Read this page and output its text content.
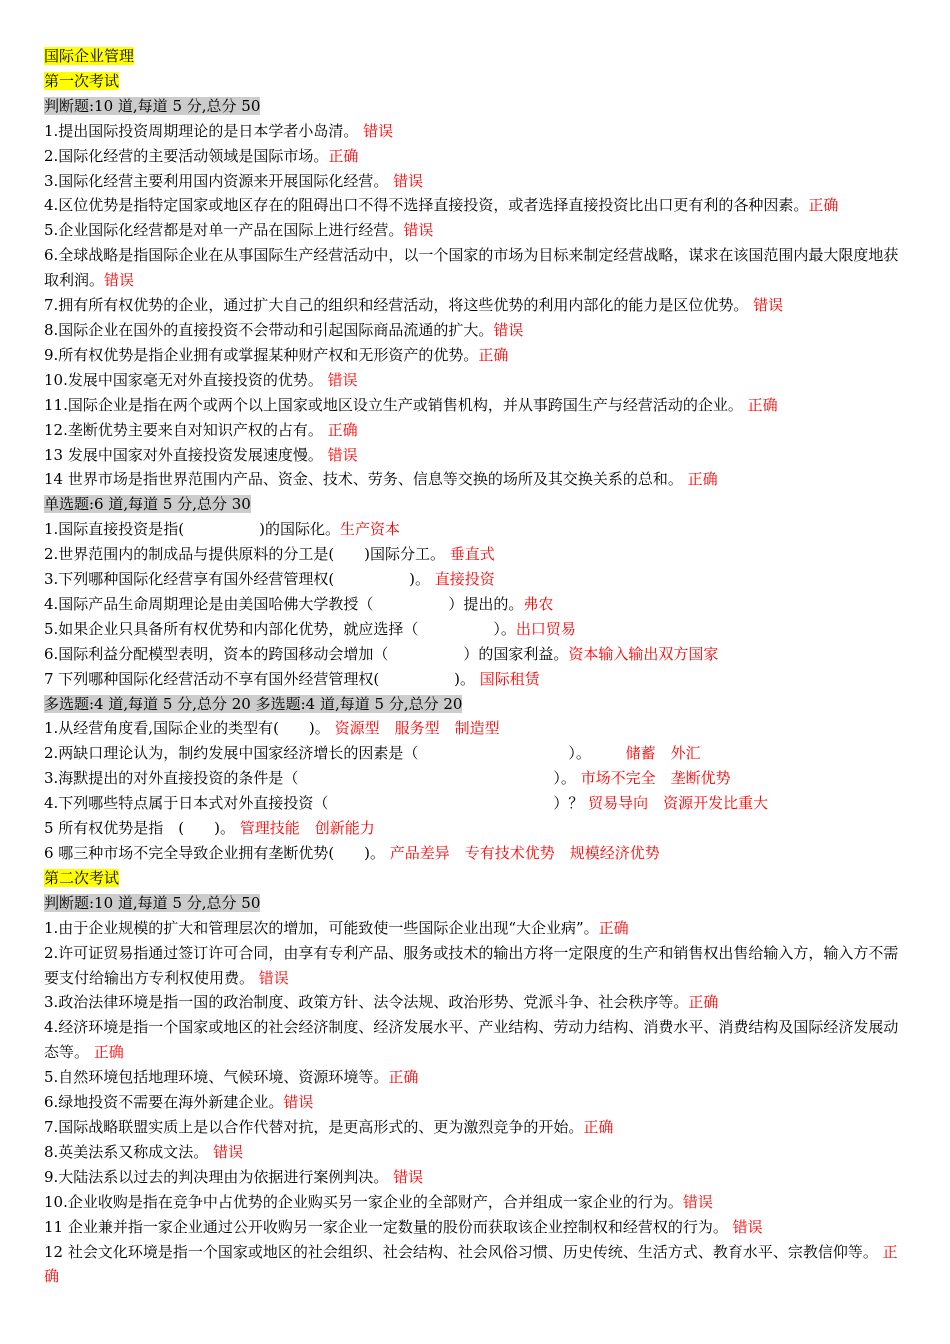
国际企业管理
第一次考试
判断题:10 道,每道 5 分,总分 50
1.提出国际投资周期理论的是日本学者小岛清。 错误
2.国际化经营的主要活动领域是国际市场。正确
3.国际化经营主要利用国内资源来开展国际化经营。 错误
4.区位优势是指特定国家或地区存在的阻碍出口不得不选择直接投资，或者选择直接投资比出口更有利的各种因素。正确
5.企业国际化经营都是对单一产品在国际上进行经营。错误
6.全球战略是指国际企业在从事国际生产经营活动中，以一个国家的市场为目标来制定经营战略，谋求在该国范围内最大限度地获取利润。错误
7.拥有所有权优势的企业，通过扩大自己的组织和经营活动，将这些优势的利用内部化的能力是区位优势。 错误
8.国际企业在国外的直接投资不会带动和引起国际商品流通的扩大。错误
9.所有权优势是指企业拥有或掌握某种财产权和无形资产的优势。正确
10.发展中国家毫无对外直接投资的优势。 错误
11.国际企业是指在两个或两个以上国家或地区设立生产或销售机构，并从事跨国生产与经营活动的企业。 正确
12.垄断优势主要来自对知识产权的占有。 正确
13 发展中国家对外直接投资发展速度慢。 错误
14 世界市场是指世界范围内产品、资金、技术、劳务、信息等交换的场所及其交换关系的总和。 正确
单选题:6 道,每道 5 分,总分 30
1.国际直接投资是指(　　　　　)的国际化。生产资本
2.世界范围内的制成品与提供原料的分工是(　　)国际分工。 垂直式
3.下列哪种国际化经营享有国外经营管理权(　　　　　)。 直接投资
4.国际产品生命周期理论是由美国哈佛大学教授（　　　　　）提出的。弗农
5.如果企业只具备所有权优势和内部化优势，就应选择（　　　　　）。出口贸易
6.国际利益分配模型表明，资本的跨国移动会增加（　　　　　）的国家利益。资本输入输出双方国家
7 下列哪种国际化经营活动不享有国外经营管理权(　　　　　)。 国际租赁
多选题:4 道,每道 5 分,总分 20 多选题:4 道,每道 5 分,总分 20
1.从经营角度看,国际企业的类型有(　　)。 资源型　服务型　制造型
2.两缺口理论认为，制约发展中国家经济增长的因素是（　　　　　　　　　　）。 　　储蓄　外汇
3.海默提出的对外直接投资的条件是（　　　　　　　　　　　　　　　　　）。 市场不完全　垄断优势
4.下列哪些特点属于日本式对外直接投资（　　　　　　　　　　　　　　　）？ 贸易导向　资源开发比重大
5 所有权优势是指　(　　)。 管理技能　创新能力
6 哪三种市场不完全导致企业拥有垄断优势(　　)。 产品差异　专有技术优势　规模经济优势
第二次考试
判断题:10 道,每道 5 分,总分 50
1.由于企业规模的扩大和管理层次的增加，可能致使一些国际企业出现“大企业病”。正确
2.许可证贸易指通过签订许可合同，由享有专利产品、服务或技术的输出方将一定限度的生产和销售权出售给输入方，输入方不需要支付给输出方专利权使用费。 错误
3.政治法律环境是指一国的政治制度、政策方针、法令法规、政治形势、党派斗争、社会秩序等。正确
4.经济环境是指一个国家或地区的社会经济制度、经济发展水平、产业结构、劳动力结构、消费水平、消费结构及国际经济发展动态等。 正确
5.自然环境包括地理环境、气候环境、资源环境等。正确
6.绿地投资不需要在海外新建企业。错误
7.国际战略联盟实质上是以合作代替对抗，是更高形式的、更为激烈竞争的开始。正确
8.英美法系又称成文法。 错误
9.大陆法系以过去的判决理由为依据进行案例判决。 错误
10.企业收购是指在竞争中占优势的企业购买另一家企业的全部财产，合并组成一家企业的行为。错误
11 企业兼并指一家企业通过公开收购另一家企业一定数量的股份而获取该企业控制权和经营权的行为。 错误
12 社会文化环境是指一个国家或地区的社会组织、社会结构、社会风俗习惯、历史传统、生活方式、教育水平、宗教信仰等。 正确
